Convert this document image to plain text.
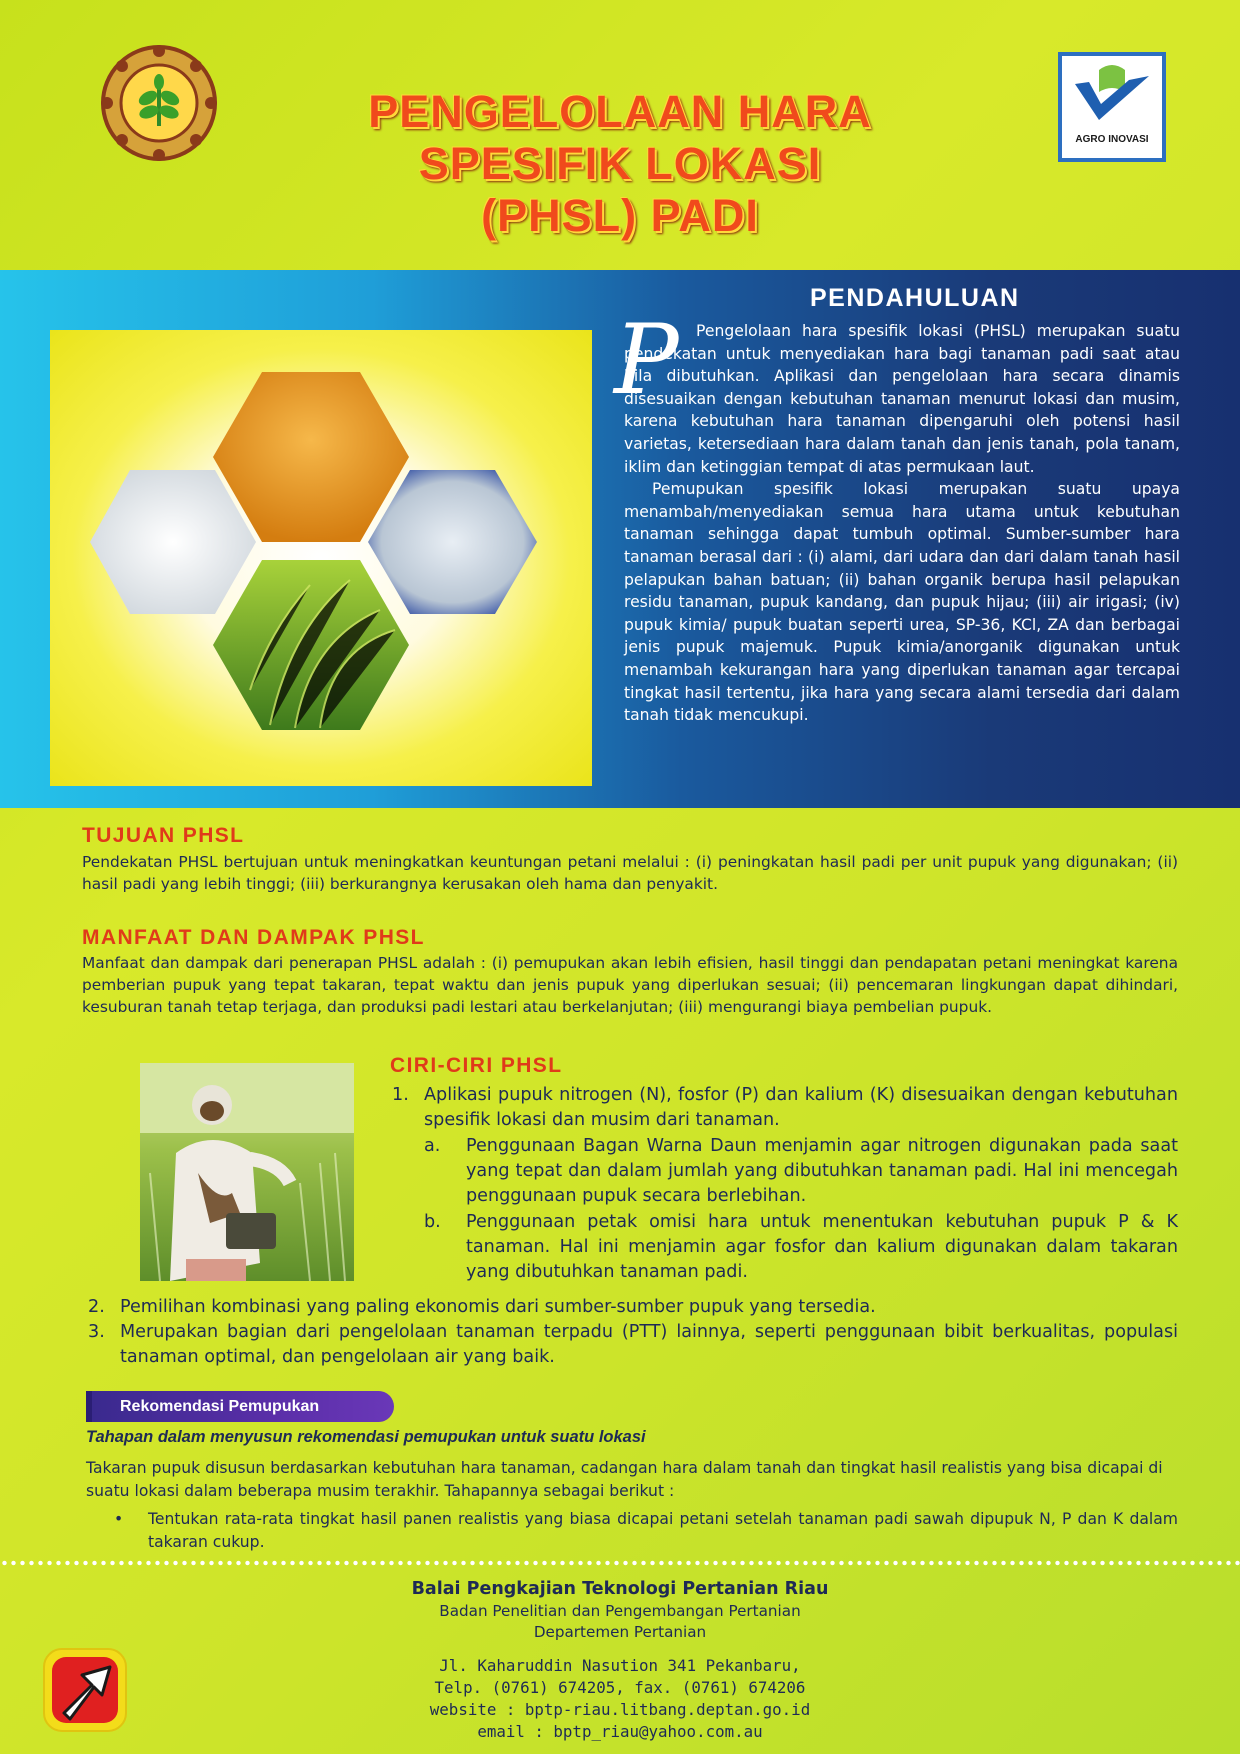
PENGELOLAAN HARA
SPESIFIK LOKASI
(PHSL) PADI
AGRO INOVASI
PENDAHULUAN
P	Pengelolaan hara spesifik lokasi (PHSL) merupakan suatu pendekatan untuk menyediakan hara bagi tanaman padi saat atau bila dibutuhkan. Aplikasi dan pengelolaan hara secara dinamis disesuaikan dengan kebutuhan tanaman menurut lokasi dan musim, karena kebutuhan hara tanaman dipengaruhi oleh potensi hasil varietas, ketersediaan hara dalam tanah dan jenis tanah, pola tanam, iklim dan ketinggian tempat di atas permukaan laut.

Pemupukan spesifik lokasi merupakan suatu upaya menambah/menyediakan semua hara utama untuk kebutuhan tanaman sehingga dapat tumbuh optimal. Sumber-sumber hara tanaman berasal dari : (i) alami, dari udara dan dari dalam tanah hasil pelapukan bahan batuan; (ii) bahan organik berupa hasil pelapukan residu tanaman, pupuk kandang, dan pupuk hijau; (iii) air irigasi; (iv) pupuk kimia/ pupuk buatan seperti urea, SP-36, KCl, ZA dan berbagai jenis pupuk majemuk. Pupuk kimia/anorganik digunakan untuk menambah kekurangan hara yang diperlukan tanaman agar tercapai tingkat hasil tertentu, jika hara yang secara alami tersedia dari dalam tanah tidak mencukupi.

TUJUAN PHSL
Pendekatan PHSL bertujuan untuk meningkatkan keuntungan petani melalui : (i) peningkatan hasil padi per unit pupuk yang digunakan; (ii) hasil padi yang lebih tinggi; (iii) berkurangnya kerusakan oleh hama dan penyakit.
MANFAAT DAN DAMPAK PHSL
Manfaat dan dampak dari penerapan PHSL adalah : (i) pemupukan akan lebih efisien, hasil tinggi dan pendapatan petani meningkat karena pemberian pupuk yang tepat takaran, tepat waktu dan jenis pupuk yang diperlukan sesuai; (ii) pencemaran lingkungan dapat dihindari, kesuburan tanah tetap terjaga, dan produksi padi lestari atau berkelanjutan; (iii) mengurangi biaya pembelian pupuk.
CIRI-CIRI PHSL
1. Aplikasi pupuk nitrogen (N), fosfor (P) dan kalium (K) disesuaikan dengan kebutuhan spesifik lokasi dan musim dari tanaman.
a. Penggunaan Bagan Warna Daun menjamin agar nitrogen digunakan pada saat yang tepat dan dalam jumlah yang dibutuhkan tanaman padi. Hal ini mencegah penggunaan pupuk secara berlebihan.
b. Penggunaan petak omisi hara untuk menentukan kebutuhan pupuk P & K tanaman. Hal ini menjamin agar fosfor dan kalium digunakan dalam takaran yang dibutuhkan tanaman padi.
2. Pemilihan kombinasi yang paling ekonomis dari sumber-sumber pupuk yang tersedia.
3. Merupakan bagian dari pengelolaan tanaman terpadu (PTT) lainnya, seperti penggunaan bibit berkualitas, populasi tanaman optimal, dan pengelolaan air yang baik.
Rekomendasi Pemupukan
Tahapan dalam menyusun rekomendasi pemupukan untuk suatu lokasi
Takaran pupuk disusun berdasarkan kebutuhan hara tanaman, cadangan hara dalam tanah dan tingkat hasil realistis yang bisa dicapai di suatu lokasi dalam beberapa musim terakhir. Tahapannya sebagai berikut :
• Tentukan rata-rata tingkat hasil panen realistis yang biasa dicapai petani setelah tanaman padi sawah dipupuk N, P dan K dalam takaran cukup.
Balai Pengkajian Teknologi Pertanian Riau
Badan Penelitian dan Pengembangan Pertanian
Departemen Pertanian
Jl. Kaharuddin Nasution 341 Pekanbaru,
Telp. (0761) 674205, fax. (0761) 674206
website : bptp-riau.litbang.deptan.go.id
email : bptp_riau@yahoo.com.au
